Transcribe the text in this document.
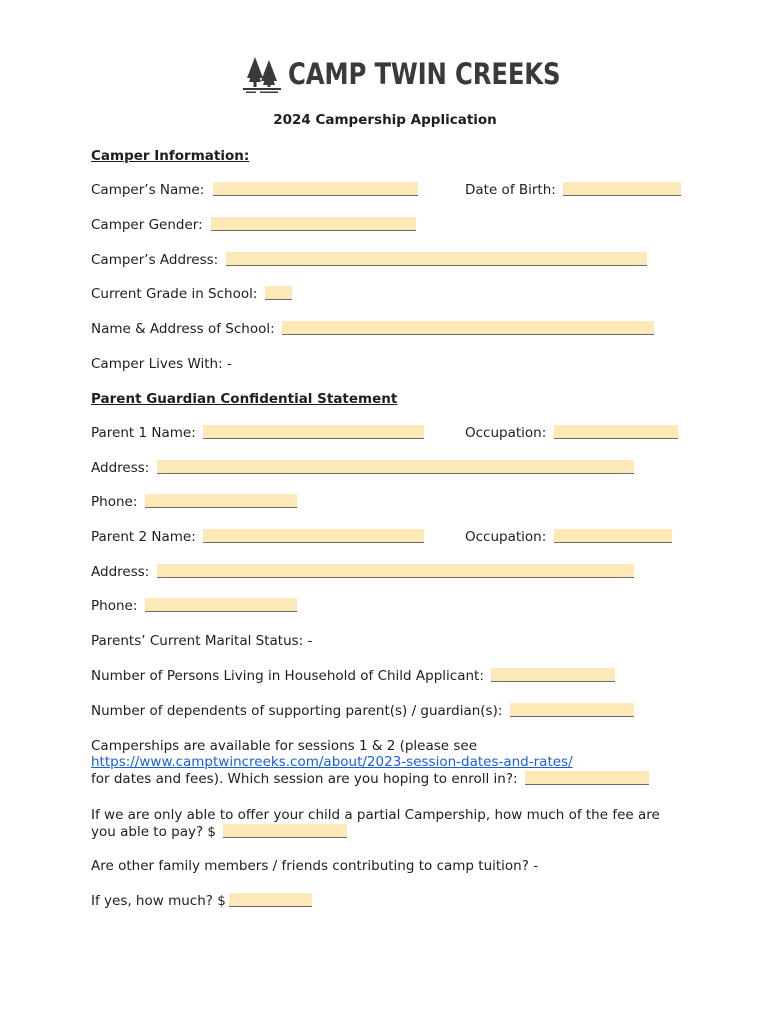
CAMP TWIN CREEKS
2024 Campership Application
Camper Information:
Camper’s Name:	Date of Birth:
Camper Gender:
Camper’s Address:
Current Grade in School:
Name & Address of School:
Camper Lives With: -
Parent Guardian Confidential Statement
Parent 1 Name:	Occupation:
Address:
Phone:
Parent 2 Name:	Occupation:
Address:
Phone:
Parents’ Current Marital Status: -
Number of Persons Living in Household of Child Applicant:
Number of dependents of supporting parent(s) / guardian(s):
Camperships are available for sessions 1 & 2 (please see
https://www.camptwincreeks.com/about/2023-session-dates-and-rates/
for dates and fees). Which session are you hoping to enroll in?:
If we are only able to offer your child a partial Campership, how much of the fee are
you able to pay? $
Are other family members / friends contributing to camp tuition? -
If yes, how much? $
